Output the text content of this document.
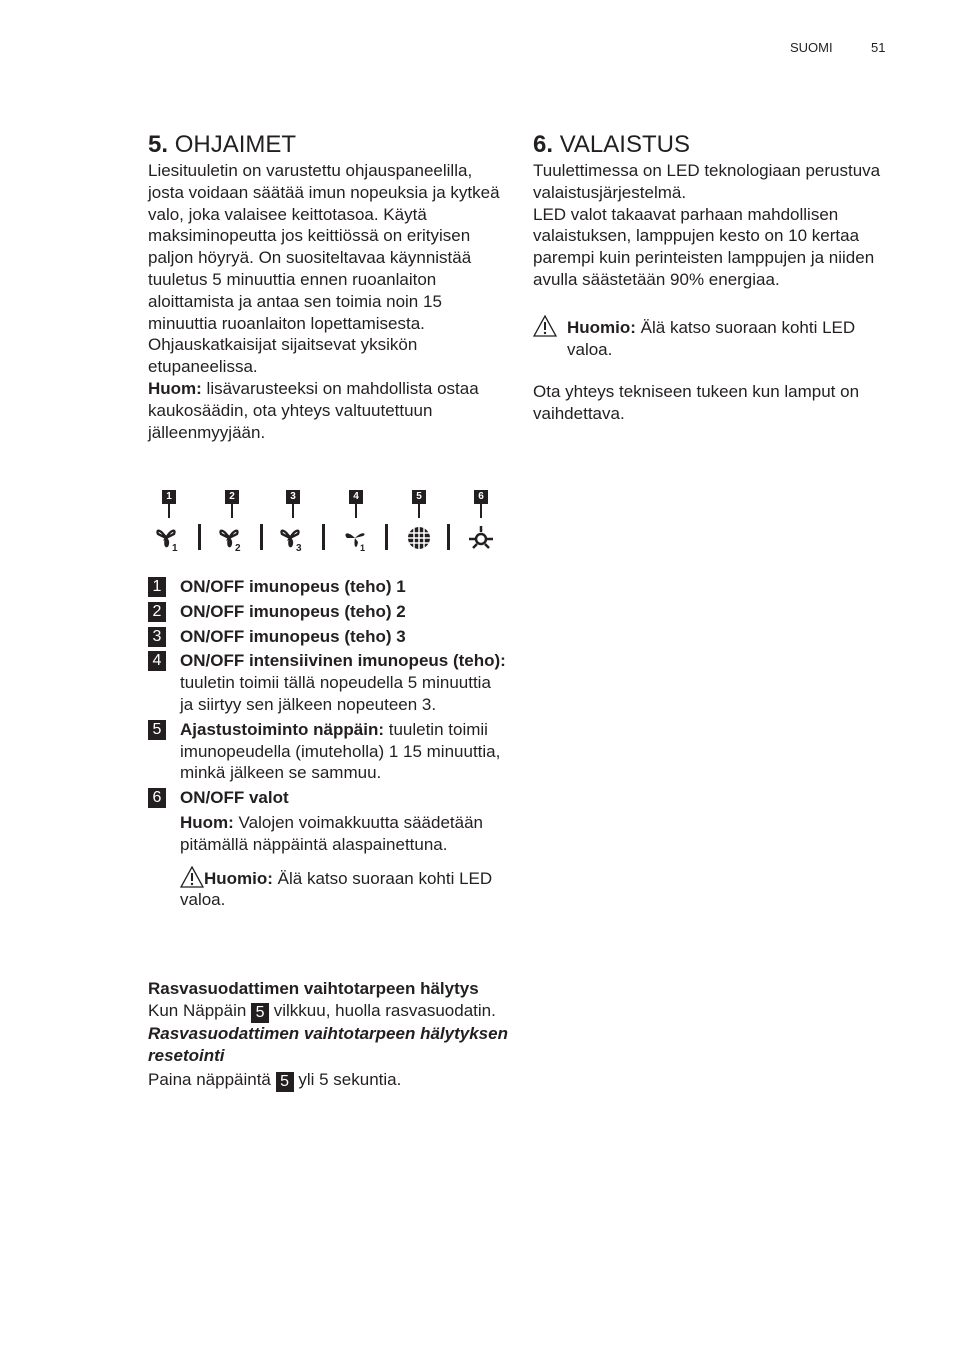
SUOMI	51
5. OHJAIMET

Liesituuletin on varustettu ohjauspaneelilla, josta voidaan säätää imun nopeuksia ja kytkeä valo, joka valaisee keittotasoa. Käytä maksiminopeutta jos keittiössä on erityisen paljon höyryä. On suositeltavaa käynnistää tuuletus 5 minuuttia ennen ruoanlaiton aloittamista ja antaa sen toimia noin 15 minuuttia ruoanlaiton lopettamisesta.

Ohjauskatkaisijat sijaitsevat yksikön etupaneelissa.

Huom: lisävarusteeksi on mahdollista ostaa kaukosäädin, ota yhteys valtuutettuun jälleenmyyjään.

1	2	3	4	5	6
1	2	3	1

1 ON/OFF imunopeus (teho) 1

2 ON/OFF imunopeus (teho) 2

3 ON/OFF imunopeus (teho) 3

4 ON/OFF intensiivinen imunopeus (teho): tuuletin toimii tällä nopeudella 5 minuuttia ja siirtyy sen jälkeen nopeuteen 3.

5 Ajastustoiminto näppäin: tuuletin toimii imunopeudella (imuteholla) 1 15 minuuttia, minkä jälkeen se sammuu.

6 ON/OFF valot

Huom: Valojen voimakkuutta säädetään pitämällä näppäintä alaspainettuna.

Huomio: Älä katso suoraan kohti LED valoa.

Rasvasuodattimen vaihtotarpeen hälytys

Kun Näppäin 5 vilkkuu, huolla rasvasuodatin.

Rasvasuodattimen vaihtotarpeen hälytyksen resetointi

Paina näppäintä 5 yli 5 sekuntia.

6. VALAISTUS

Tuulettimessa on LED teknologiaan perustuva valaistusjärjestelmä.

LED valot takaavat parhaan mahdollisen valaistuksen, lamppujen kesto on 10 kertaa parempi kuin perinteisten lamppujen ja niiden avulla säästetään 90% energiaa.

Huomio: Älä katso suoraan kohti LED valoa.

Ota yhteys tekniseen tukeen kun lamput on vaihdettava.
